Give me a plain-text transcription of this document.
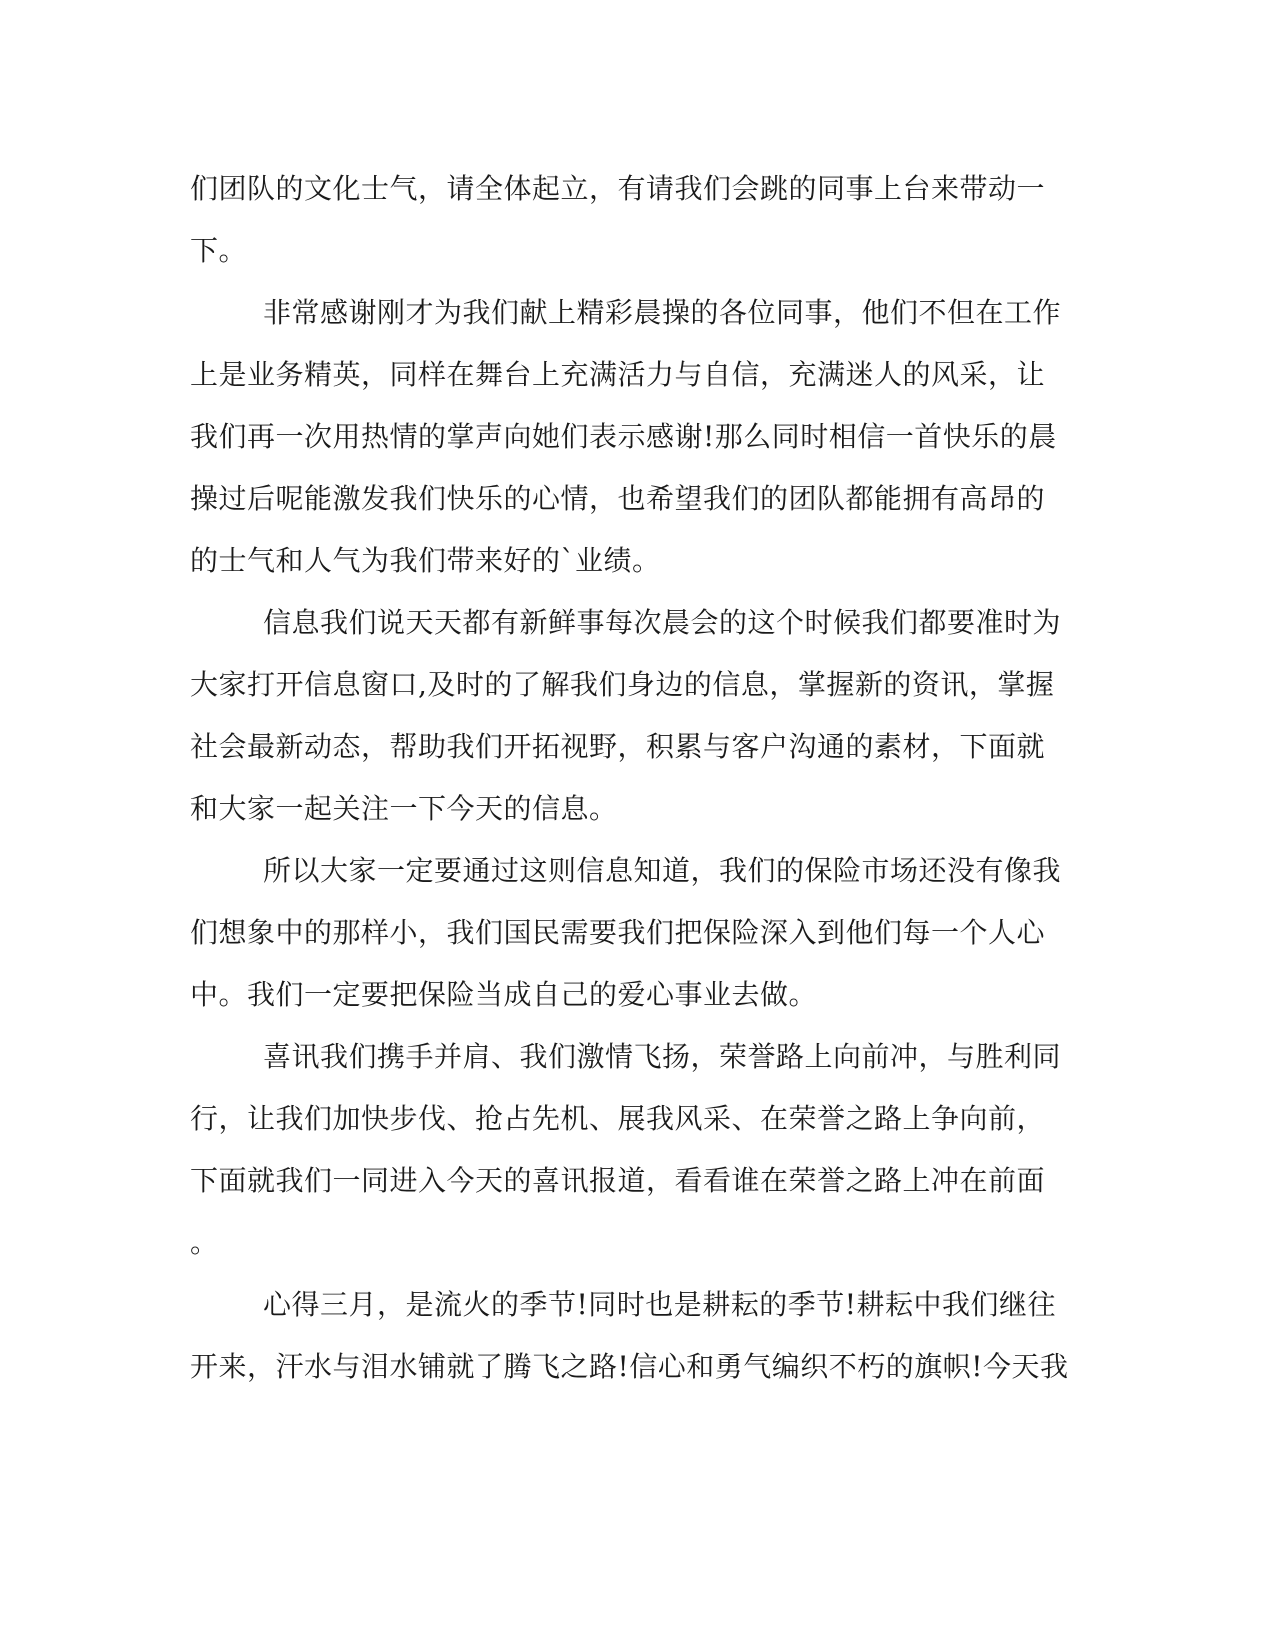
们团队的文化士气，请全体起立，有请我们会跳的同事上台来带动一
下。
非常感谢刚才为我们献上精彩晨操的各位同事，他们不但在工作
上是业务精英，同样在舞台上充满活力与自信，充满迷人的风采，让
我们再一次用热情的掌声向她们表示感谢!那么同时相信一首快乐的晨
操过后呢能激发我们快乐的心情，也希望我们的团队都能拥有高昂的
的士气和人气为我们带来好的`业绩。
信息我们说天天都有新鲜事每次晨会的这个时候我们都要准时为
大家打开信息窗口,及时的了解我们身边的信息，掌握新的资讯，掌握
社会最新动态，帮助我们开拓视野，积累与客户沟通的素材，下面就
和大家一起关注一下今天的信息。
所以大家一定要通过这则信息知道，我们的保险市场还没有像我
们想象中的那样小，我们国民需要我们把保险深入到他们每一个人心
中。我们一定要把保险当成自己的爱心事业去做。
喜讯我们携手并肩、我们激情飞扬，荣誉路上向前冲，与胜利同
行，让我们加快步伐、抢占先机、展我风采、在荣誉之路上争向前，
下面就我们一同进入今天的喜讯报道，看看谁在荣誉之路上冲在前面
。
心得三月，是流火的季节!同时也是耕耘的季节!耕耘中我们继往
开来，汗水与泪水铺就了腾飞之路!信心和勇气编织不朽的旗帜!今天我
